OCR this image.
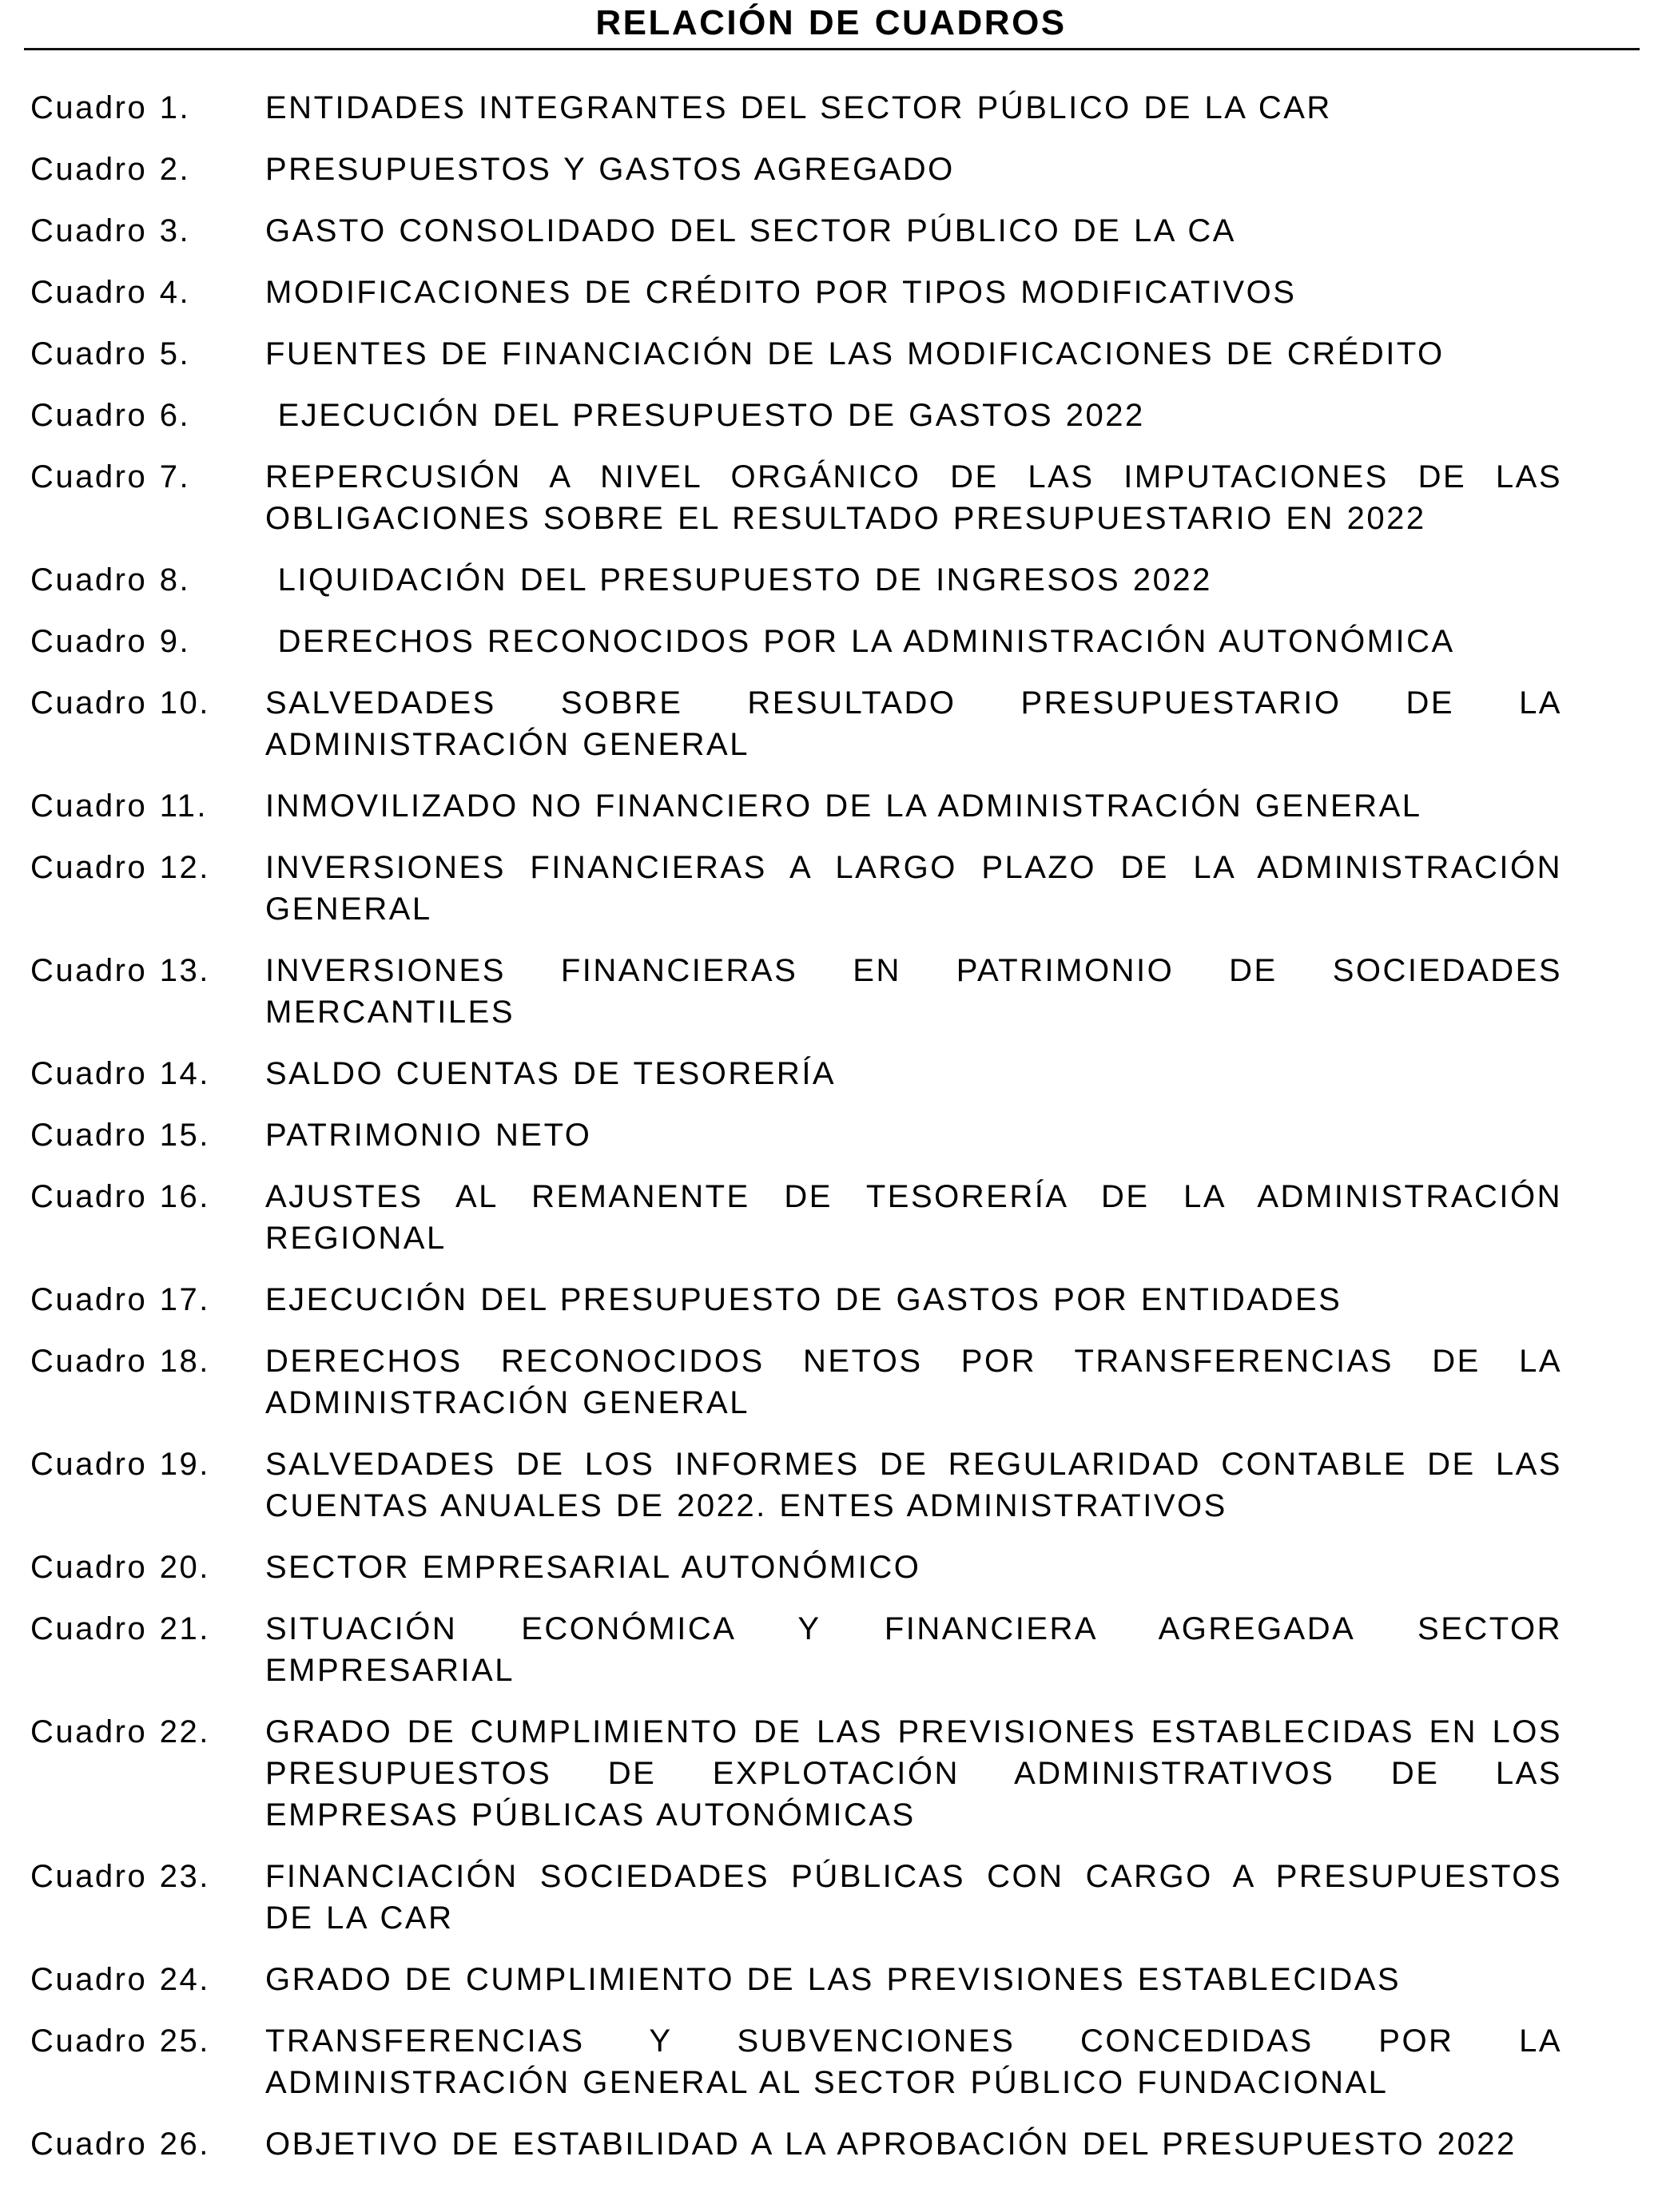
RELACIÓN DE CUADROS
Cuadro 1.	ENTIDADES INTEGRANTES DEL SECTOR PÚBLICO DE LA CAR
Cuadro 2.	PRESUPUESTOS Y GASTOS AGREGADO
Cuadro 3.	GASTO CONSOLIDADO DEL SECTOR PÚBLICO DE LA CA
Cuadro 4.	MODIFICACIONES DE CRÉDITO POR TIPOS MODIFICATIVOS
Cuadro 5.	FUENTES DE FINANCIACIÓN DE LAS MODIFICACIONES DE CRÉDITO
Cuadro 6.	EJECUCIÓN DEL PRESUPUESTO DE GASTOS 2022
Cuadro 7.	REPERCUSIÓN A NIVEL ORGÁNICO DE LAS IMPUTACIONES DE LAS
OBLIGACIONES SOBRE EL RESULTADO PRESUPUESTARIO EN 2022
Cuadro 8.	LIQUIDACIÓN DEL PRESUPUESTO DE INGRESOS 2022
Cuadro 9.	DERECHOS RECONOCIDOS POR LA ADMINISTRACIÓN AUTONÓMICA
Cuadro 10.	SALVEDADES SOBRE RESULTADO PRESUPUESTARIO DE LA
ADMINISTRACIÓN GENERAL
Cuadro 11.	INMOVILIZADO NO FINANCIERO DE LA ADMINISTRACIÓN GENERAL
Cuadro 12.	INVERSIONES FINANCIERAS A LARGO PLAZO DE LA ADMINISTRACIÓN
GENERAL
Cuadro 13.	INVERSIONES FINANCIERAS EN PATRIMONIO DE SOCIEDADES
MERCANTILES
Cuadro 14.	SALDO CUENTAS DE TESORERÍA
Cuadro 15.	PATRIMONIO NETO
Cuadro 16.	AJUSTES AL REMANENTE DE TESORERÍA DE LA ADMINISTRACIÓN
REGIONAL
Cuadro 17.	EJECUCIÓN DEL PRESUPUESTO DE GASTOS POR ENTIDADES
Cuadro 18.	DERECHOS RECONOCIDOS NETOS POR TRANSFERENCIAS DE LA
ADMINISTRACIÓN GENERAL
Cuadro 19.	SALVEDADES DE LOS INFORMES DE REGULARIDAD CONTABLE DE LAS
CUENTAS ANUALES DE 2022. ENTES ADMINISTRATIVOS
Cuadro 20.	SECTOR EMPRESARIAL AUTONÓMICO
Cuadro 21.	SITUACIÓN ECONÓMICA Y FINANCIERA AGREGADA SECTOR
EMPRESARIAL
Cuadro 22.	GRADO DE CUMPLIMIENTO DE LAS PREVISIONES ESTABLECIDAS EN LOS
PRESUPUESTOS DE EXPLOTACIÓN ADMINISTRATIVOS DE LAS
EMPRESAS PÚBLICAS AUTONÓMICAS
Cuadro 23.	FINANCIACIÓN SOCIEDADES PÚBLICAS CON CARGO A PRESUPUESTOS
DE LA CAR
Cuadro 24.	GRADO DE CUMPLIMIENTO DE LAS PREVISIONES ESTABLECIDAS
Cuadro 25.	TRANSFERENCIAS Y SUBVENCIONES CONCEDIDAS POR LA
ADMINISTRACIÓN GENERAL AL SECTOR PÚBLICO FUNDACIONAL
Cuadro 26.	OBJETIVO DE ESTABILIDAD A LA APROBACIÓN DEL PRESUPUESTO 2022
